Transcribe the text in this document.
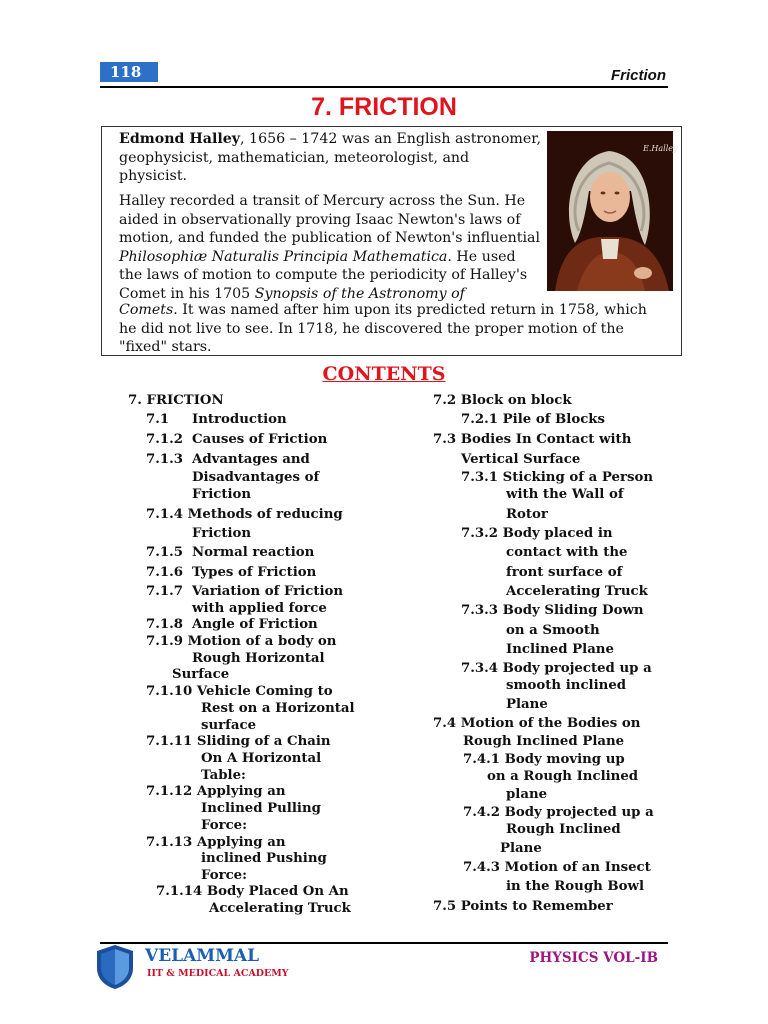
118	Friction
7. FRICTION
Edmond Halley, 1656 – 1742 was an English astronomer, geophysicist, mathematician, meteorologist, and physicist.
Halley recorded a transit of Mercury across the Sun. He aided in observationally proving Isaac Newton's laws of motion, and funded the publication of Newton's influential Philosophiæ Naturalis Principia Mathematica. He used the laws of motion to compute the periodicity of Halley's Comet in his 1705 Synopsis of the Astronomy of
Comets. It was named after him upon its predicted return in 1758, which he did not live to see. In 1718, he discovered the proper motion of the "fixed" stars.
E.Halley
CONTENTS
7. FRICTION
7.1 Introduction
7.1.2 Causes of Friction
7.1.3 Advantages and
Disadvantages of
Friction
7.1.4 Methods of reducing
Friction
7.1.5 Normal reaction
7.1.6 Types of Friction
7.1.7 Variation of Friction
with applied force
7.1.8 Angle of Friction
7.1.9 Motion of a body on
Rough Horizontal
Surface
7.1.10 Vehicle Coming to
Rest on a Horizontal
surface
7.1.11 Sliding of a Chain
On A Horizontal
Table:
7.1.12 Applying an
Inclined Pulling
Force:
7.1.13 Applying an
inclined Pushing
Force:
7.1.14 Body Placed On An
Accelerating Truck
7.2 Block on block
7.2.1 Pile of Blocks
7.3 Bodies In Contact with
Vertical Surface
7.3.1 Sticking of a Person
with the Wall of
Rotor
7.3.2 Body placed in
contact with the
front surface of
Accelerating Truck
7.3.3 Body Sliding Down
on a Smooth
Inclined Plane
7.3.4 Body projected up a
smooth inclined
Plane
7.4 Motion of the Bodies on
Rough Inclined Plane
7.4.1 Body moving up
on a Rough Inclined
plane
7.4.2 Body projected up a
Rough Inclined
Plane
7.4.3 Motion of an Insect
in the Rough Bowl
7.5 Points to Remember
VELAMMAL
IIT & MEDICAL ACADEMY
PHYSICS VOL-IB
